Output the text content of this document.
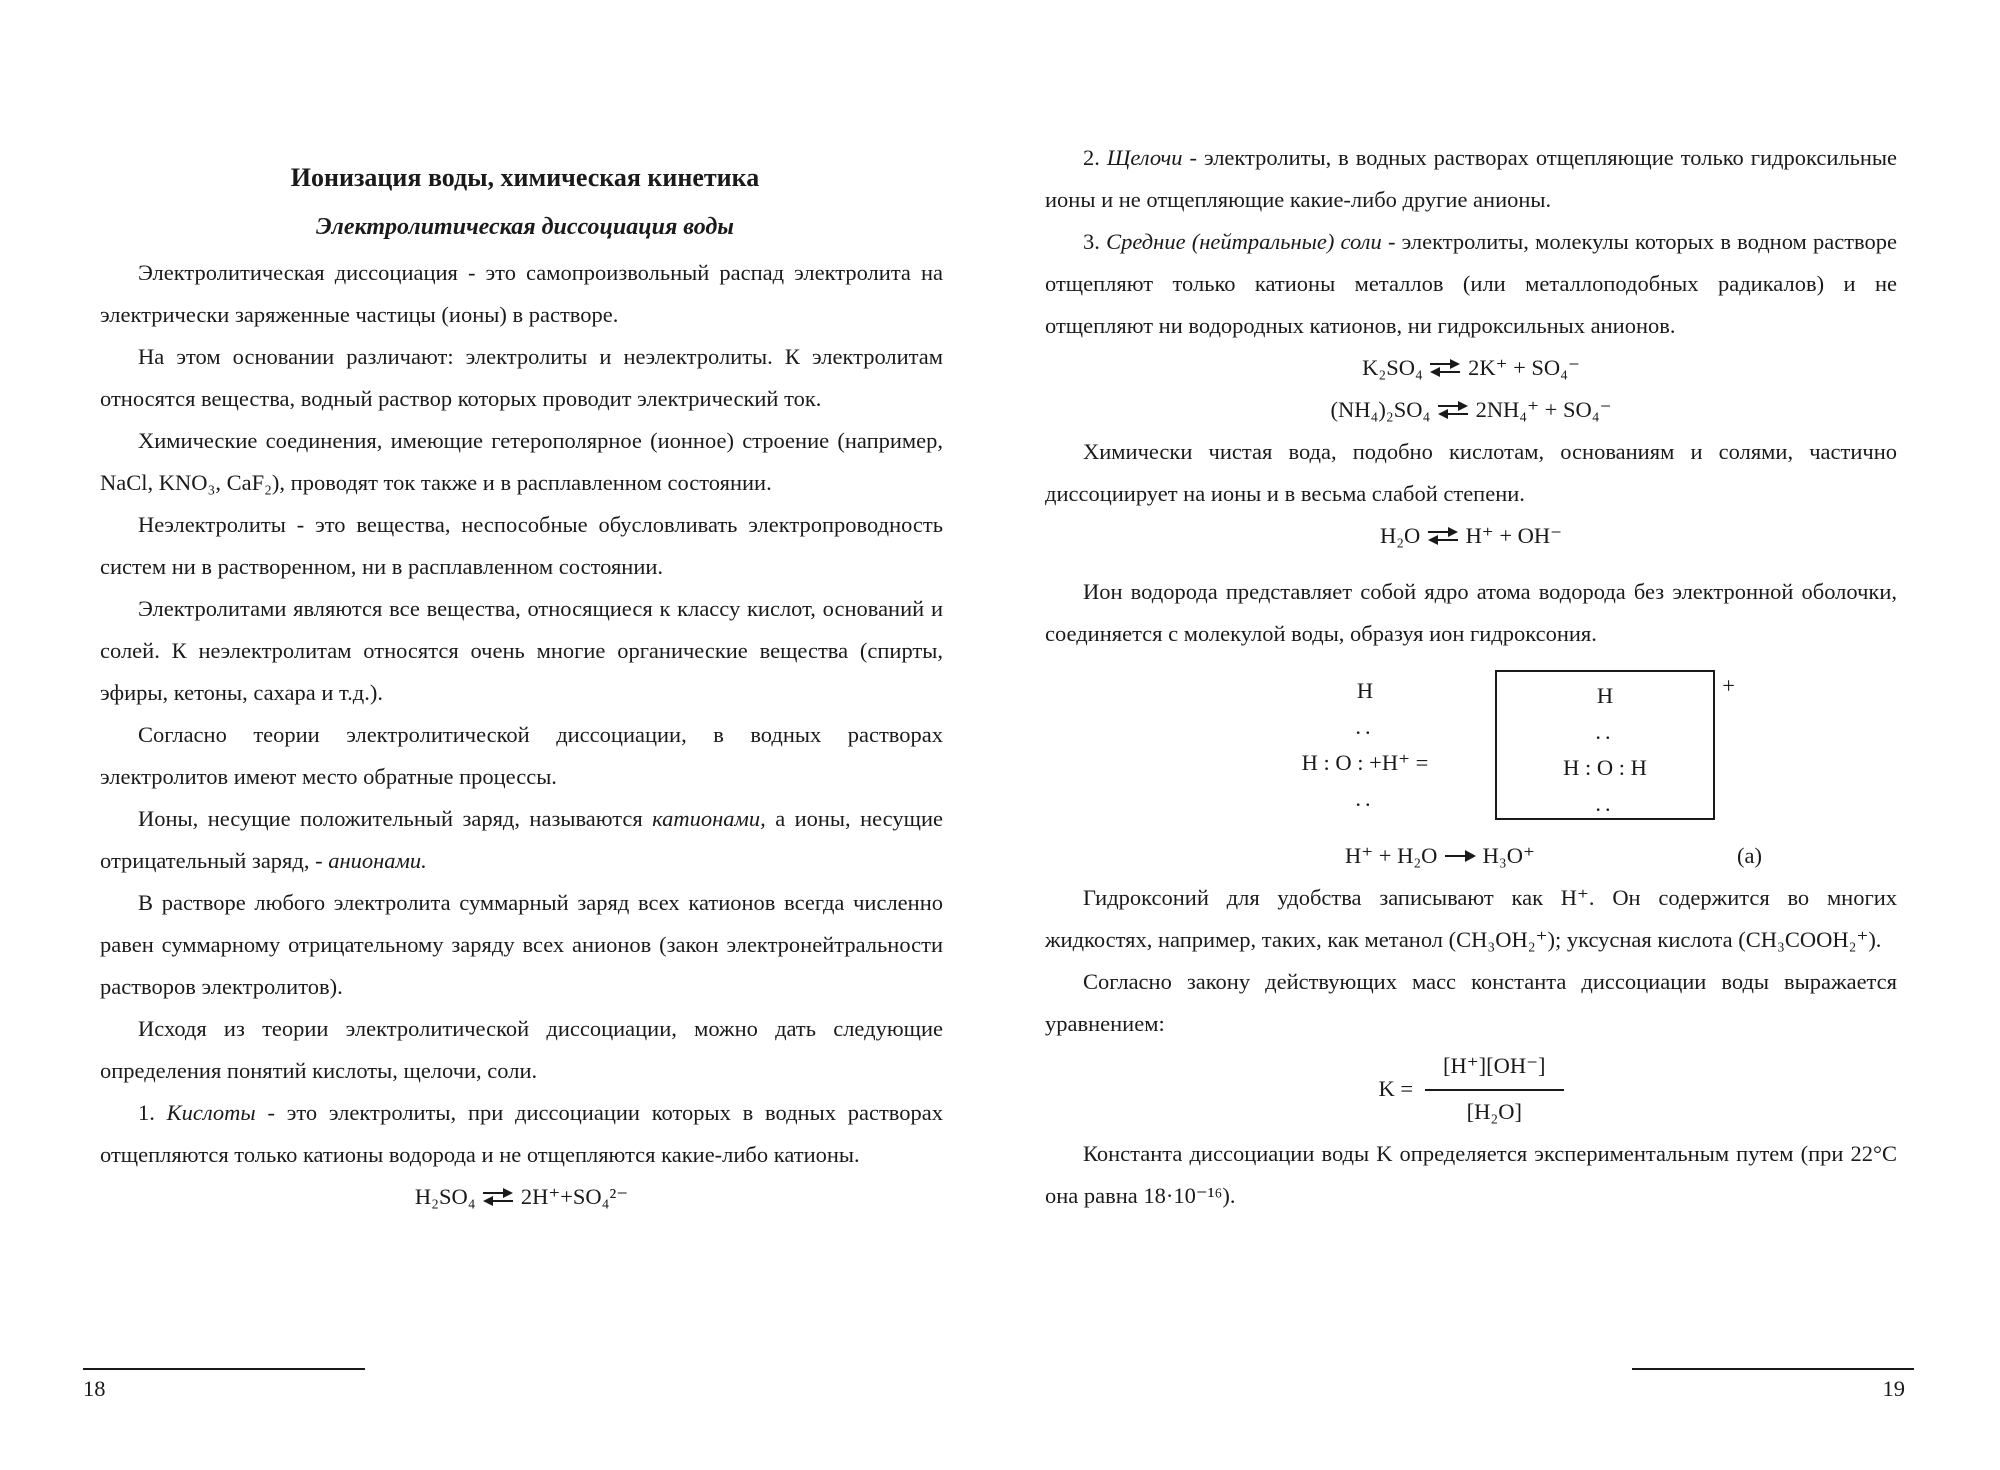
Ионизация воды, химическая кинетика
Электролитическая диссоциация воды

Электролитическая диссоциация - это самопроизвольный распад электролита на электрически заряженные частицы (ионы) в растворе.

На этом основании различают: электролиты и неэлектролиты. К электролитам относятся вещества, водный раствор которых проводит электрический ток.

Химические соединения, имеющие гетерополярное (ионное) строение (например, NaCl, KNO₃, CaF₂), проводят ток также и в расплавленном состоянии.

Неэлектролиты - это вещества, неспособные обусловливать электропроводность систем ни в растворенном, ни в расплавленном состоянии.

Электролитами являются все вещества, относящиеся к классу кислот, оснований и солей. К неэлектролитам относятся очень многие органические вещества (спирты, эфиры, кетоны, сахара и т.д.).

Согласно теории электролитической диссоциации, в водных растворах электролитов имеют место обратные процессы.

Ионы, несущие положительный заряд, называются катионами, а ионы, несущие отрицательный заряд, - анионами.

В растворе любого электролита суммарный заряд всех катионов всегда численно равен суммарному отрицательному заряду всех анионов (закон электронейтральности растворов электролитов).

Исходя из теории электролитической диссоциации, можно дать следующие определения понятий кислоты, щелочи, соли.

1. Кислоты - это электролиты, при диссоциации которых в водных растворах отщепляются только катионы водорода и не отщепляются какие-либо катионы.

H₂SO₄ ⇌ 2H⁺+SO₄²⁻

18

2. Щелочи - электролиты, в водных растворах отщепляющие только гидроксильные ионы и не отщепляющие какие-либо другие анионы.

3. Средние (нейтральные) соли - электролиты, молекулы которых в водном растворе отщепляют только катионы металлов (или металлоподобных радикалов) и не отщепляют ни водородных катионов, ни гидроксильных анионов.

K₂SO₄ ⇌ 2K⁺ + SO₄⁻

(NH₄)₂SO₄ ⇌ 2NH₄⁺ + SO₄⁻

Химически чистая вода, подобно кислотам, основаниям и солями, частично диссоциирует на ионы и в весьма слабой степени.

H₂O ⇌ H⁺ + OH⁻

Ион водорода представляет собой ядро атома водорода без электронной оболочки, соединяется с молекулой воды, образуя ион гидроксония.

H
..
H : O : +H⁺ =
..
H
..
H : O : H
..
+
H⁺ + H₂O H₃O⁺	(a)

Гидроксоний для удобства записывают как H⁺. Он содержится во многих жидкостях, например, таких, как метанол (CH₃OH₂⁺); уксусная кислота (CH₃COOH₂⁺).

Согласно закону действующих масс константа диссоциации воды выражается уравнением:

$K = \frac{[H^+][OH^-]}{\text{[H₂O]}}$

Константа диссоциации воды K определяется экспериментальным путем (при 22°C она равна 18·10⁻¹⁶).

19
